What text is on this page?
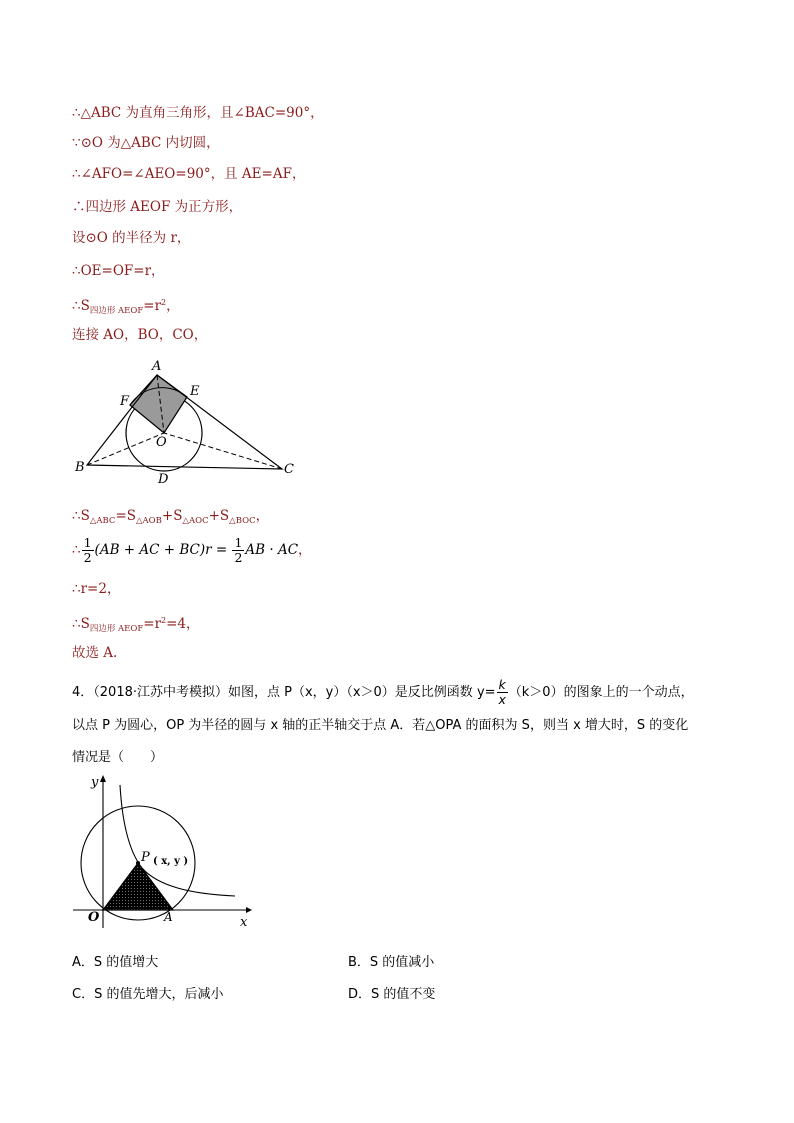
∴△ABC 为直角三角形，且∠BAC=90°，
∵⊙O 为△ABC 内切圆，
∴∠AFO=∠AEO=90°，且 AE=AF，
∴四边形 AEOF 为正方形，
设⊙O 的半径为 r，
∴OE=OF=r，
$\therefore S_{四边形 AEOF}=r^2$，
连接 AO，BO，CO，
A
E
F
O
B
D
C
$\therefore S_{\triangle ABC}=S_{\triangle AOB}+S_{\triangle AOC}+S_{\triangle BOC}$，
∴ $\frac{1}{2} (AB$ + AC + $BC)r = \frac{1}{2}$ AB · AC，
∴r=2，
$\therefore S_{四边形 AEOF}=r^2=4$，
故选 A.
4．（2018·江苏中考模拟）如图，点 P（x，y）（x＞0）是反比例函数 $y= \frac{k}{x} (k>0)$的图象上的一个动点，
以点 P 为圆心，OP 为半径的圆与 x 轴的正半轴交于点 A．若△OPA 的面积为 S，则当 x 增大时，S 的变化
情况是（　　）
y
x
O	A
P ( x, y )
A．S 的值增大	B．S 的值减小
C．S 的值先增大，后减小	D．S 的值不变
